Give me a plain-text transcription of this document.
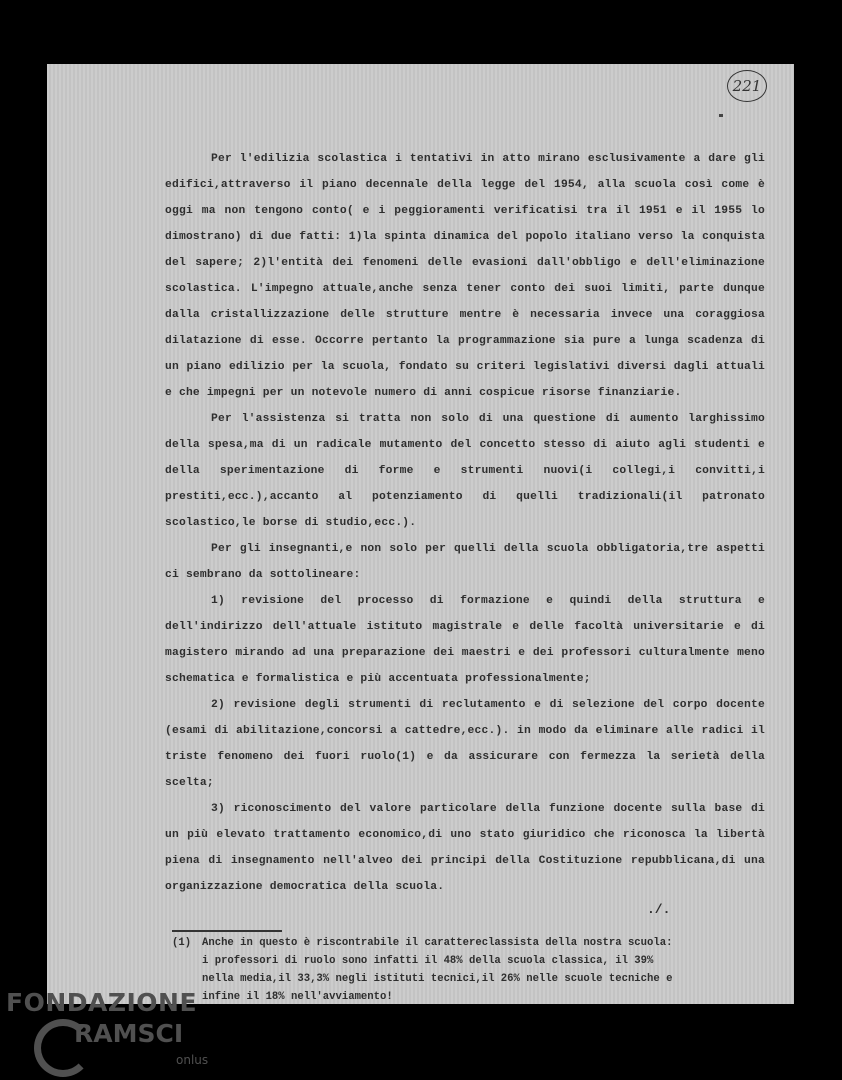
221

Per l'edilizia scolastica i tentativi in atto mirano esclusivamente a dare gli edifici,attraverso il piano decennale della legge del 1954, alla scuola così come è oggi ma non tengono conto( e i peggioramenti verificatisi tra il 1951 e il 1955 lo dimostrano) di due fatti: 1)la spinta dinamica del popolo italiano verso la conquista del sapere; 2)l'entità dei fenomeni delle evasioni dall'obbligo e dell'eliminazione scolastica. L'impegno attuale,anche senza tener conto dei suoi limiti, parte dunque dalla cristallizzazione delle strutture mentre è necessaria invece una coraggiosa dilatazione di esse. Occorre pertanto la programmazione sia pure a lunga scadenza di un piano edilizio per la scuola, fondato su criteri legislativi diversi dagli attuali e che impegni per un notevole numero di anni cospicue risorse finanziarie.

Per l'assistenza si tratta non solo di una questione di aumento larghissimo della spesa,ma di un radicale mutamento del concetto stesso di aiuto agli studenti e della sperimentazione di forme e strumenti nuovi(i collegi,i convitti,i prestiti,ecc.),accanto al potenziamento di quelli tradizionali(il patronato scolastico,le borse di studio,ecc.).

Per gli insegnanti,e non solo per quelli della scuola obbligatoria,tre aspetti ci sembrano da sottolineare:

1) revisione del processo di formazione e quindi della struttura e dell'indirizzo dell'attuale istituto magistrale e delle facoltà universitarie e di magistero mirando ad una preparazione dei maestri e dei professori culturalmente meno schematica e formalistica e più accentuata professionalmente;

2) revisione degli strumenti di reclutamento e di selezione del corpo docente (esami di abilitazione,concorsi a cattedre,ecc.). in modo da eliminare alle radici il triste fenomeno dei fuori ruolo(1) e da assicurare con fermezza la serietà della scelta;

3) riconoscimento del valore particolare della funzione docente sulla base di un più elevato trattamento economico,di uno stato giuridico che riconosca la libertà piena di insegnamento nell'alveo dei principi della Costituzione repubblicana,di una organizzazione democratica della scuola.

./.
(1) Anche in questo è riscontrabile il carattereclassista della nostra scuola:
i professori di ruolo sono infatti il 48% della scuola classica, il 39%
nella media,il 33,3% negli istituti tecnici,il 26% nelle scuole tecniche e
infine il 18% nell'avviamento!
FONDAZIONE
RAMSCI
onlus
